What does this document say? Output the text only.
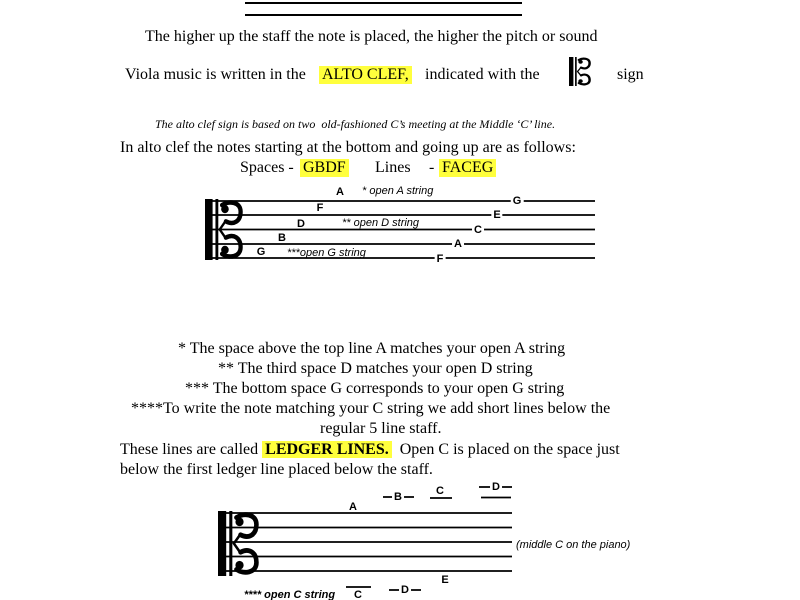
The higher up the staff the note is placed, the higher the pitch or sound
Viola music is written in the ALTO CLEF, indicated with the	sign
The alto clef sign is based on two  old-fashioned C’s meeting at the Middle ‘C’ line.
In alto clef the notes starting at the bottom and going up are as follows:
Spaces - GBDF Lines - FACEG
G
B
D
F
A
F
A
C
E
G
* open A string
** open D string
***open G string
* The space above the top line A matches your open A string
** The third space D matches your open D string
*** The bottom space G corresponds to your open G string
****To write the note matching your C string we add short lines below the
regular 5 line staff.
These lines are called LEDGER LINES.  Open C is placed on the space just
below the first ledger line placed below the staff.
A
B	C	D
E
D
C
(middle C on the piano)
**** open C string
